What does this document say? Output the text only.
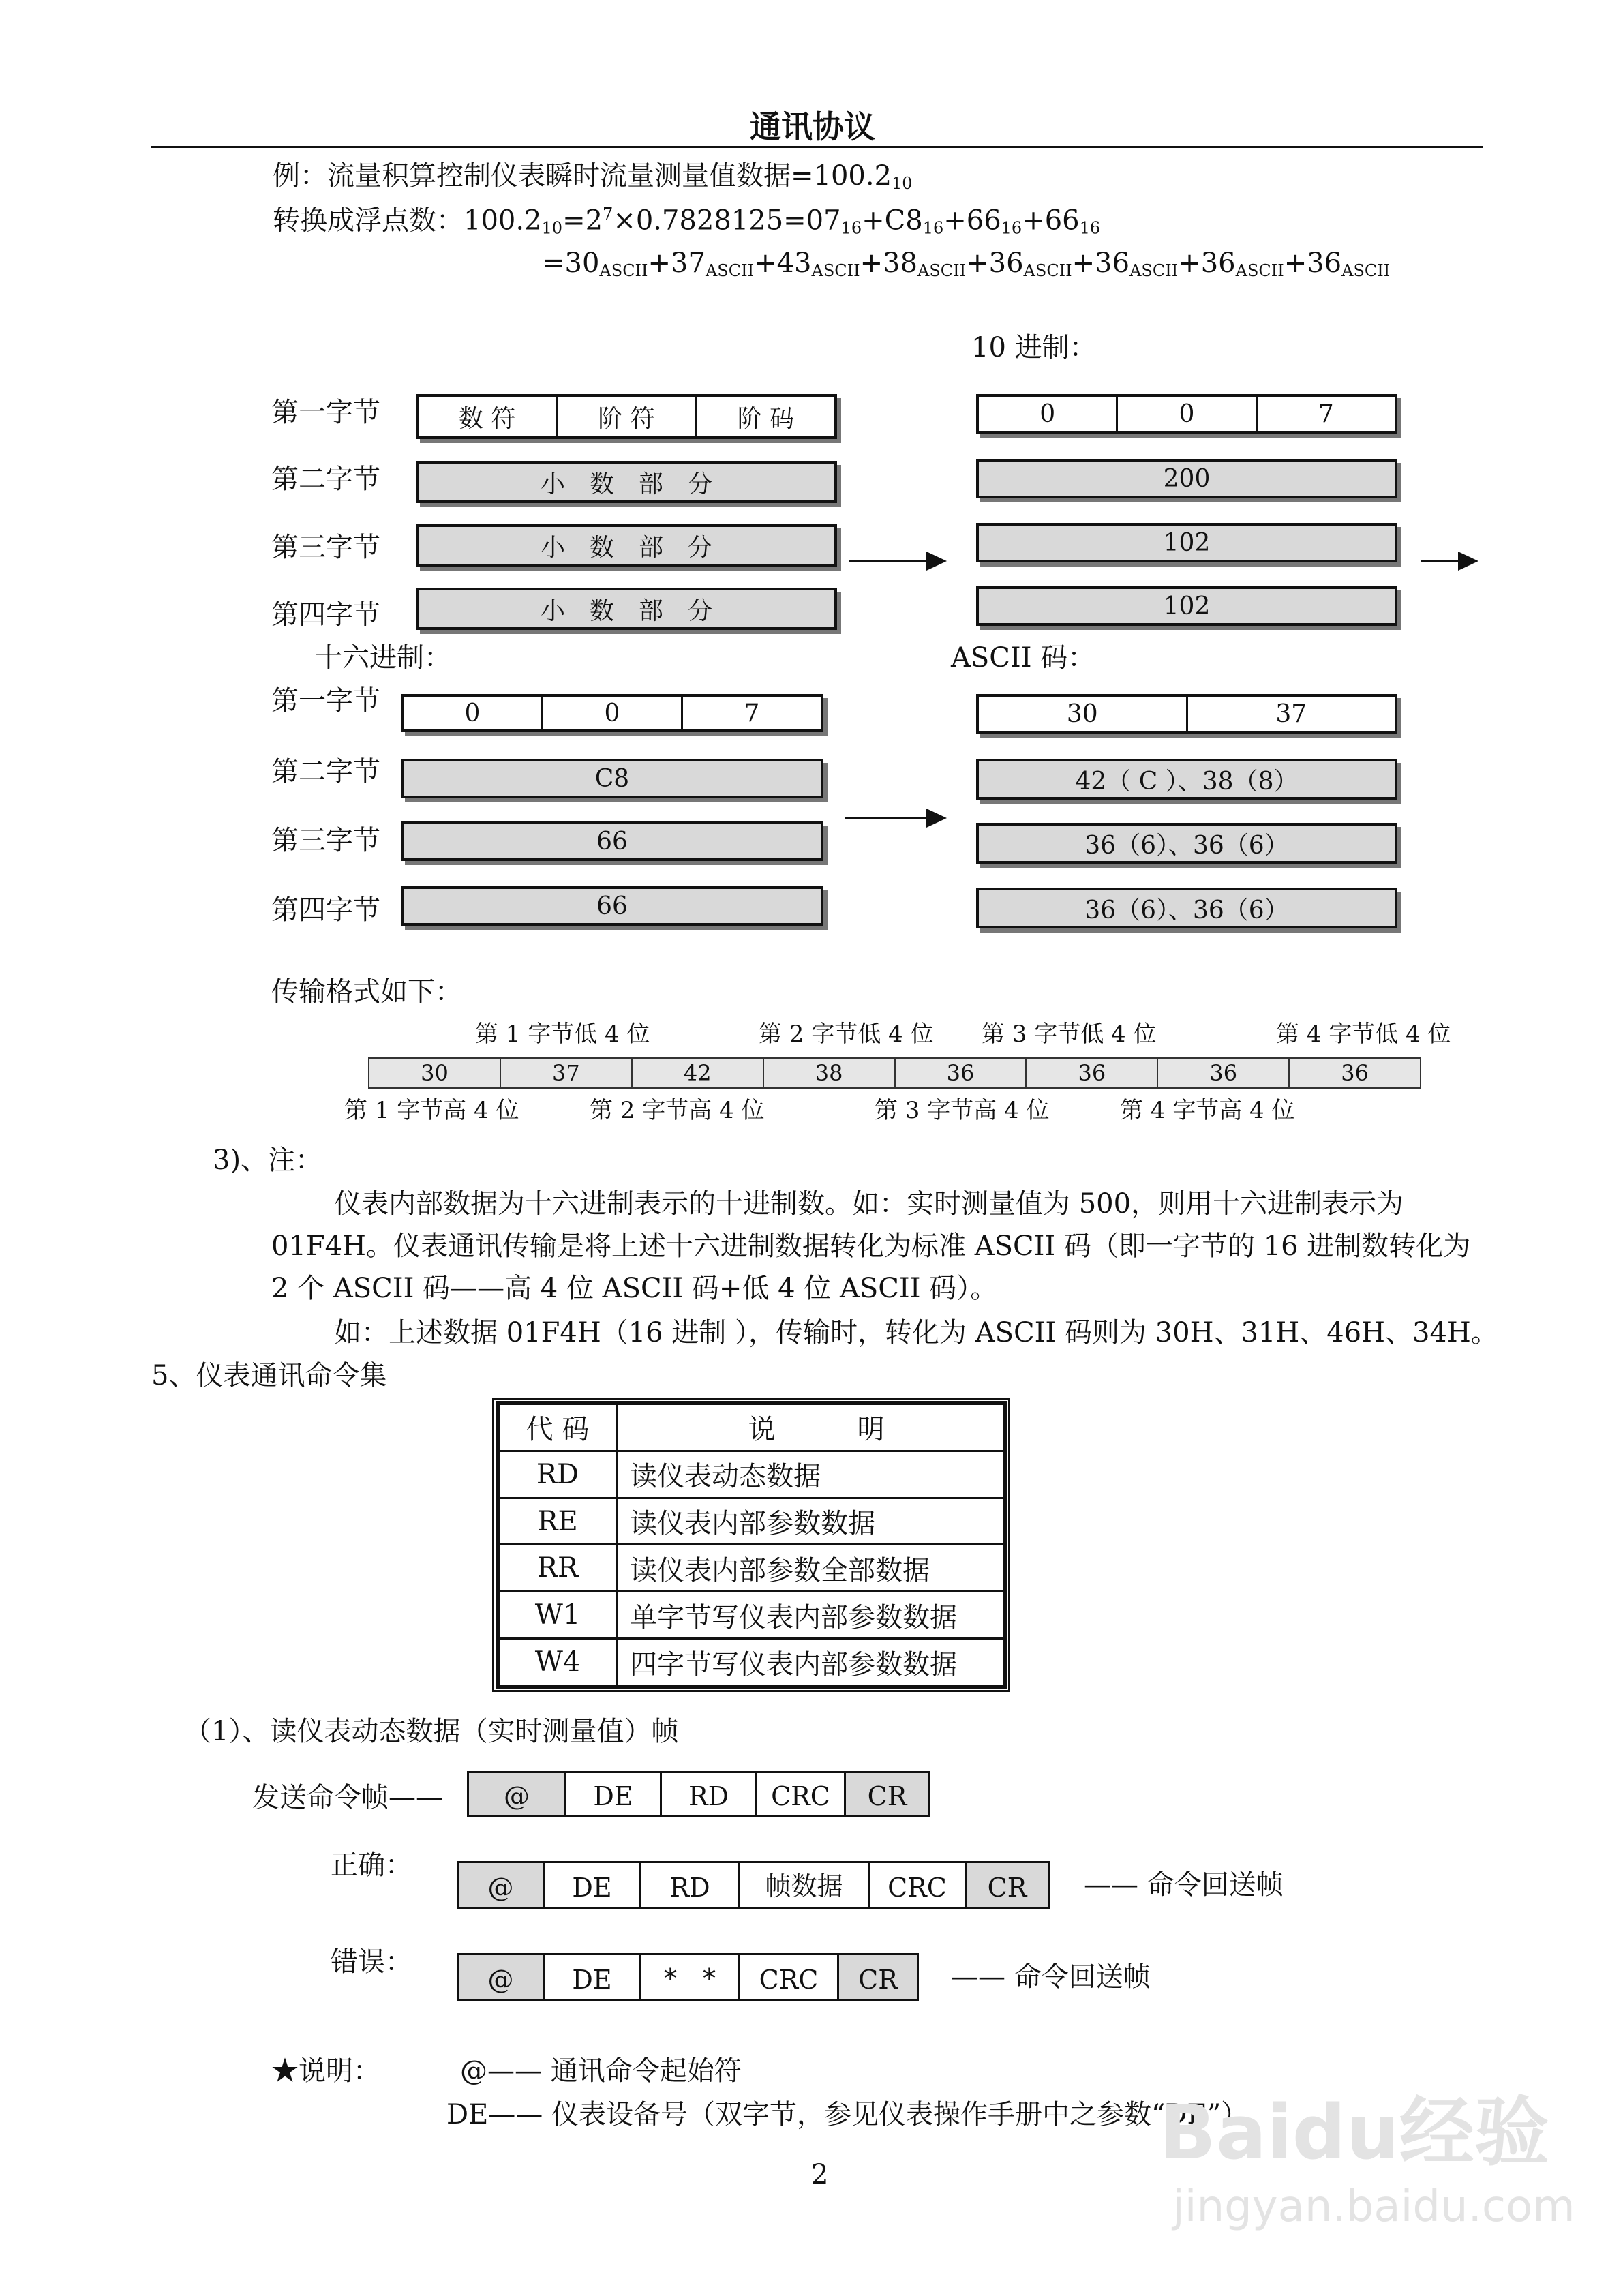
通讯协议
例：流量积算控制仪表瞬时流量测量值数据$=100.2_{10}$
转换成浮点数：$100.2_{10}=2^7\times 0.7828125=07_{16}+C8_{16}+66_{16}+66_{16}$
$=30_{ASCII}+37_{ASCII}+43_{ASCII}+38_{ASCII}+36_{ASCII}+36_{ASCII}+36_{ASCII}+36_{ASCII}$
10 进制：
第一字节
第二字节
第三字节
第四字节
数 符	阶 符	阶 码
小　数　部　分
小　数　部　分
小　数　部　分
0	0	7
200
102
102
十六进制：	ASCII 码：
第一字节
第二字节
第三字节
第四字节
0	0	7
C8
66
66
30	37
42（ C ）、38（8）
36（6）、36（6）
36（6）、36（6）
传输格式如下：
第 1 字节低 4 位	第 2 字节低 4 位 第 3 字节低 4 位	第 4 字节低 4 位
30	37	42	38	36	36	36	36
第 1 字节高 4 位	第 2 字节高 4 位	第 3 字节高 4 位	第 4 字节高 4 位
3)、注：
仪表内部数据为十六进制表示的十进制数。如：实时测量值为 500，则用十六进制表示为
01F4H。仪表通讯传输是将上述十六进制数据转化为标准 ASCII 码（即一字节的 16 进制数转化为
2 个 ASCII 码——高 4 位 ASCII 码+低 4 位 ASCII 码）。
如：上述数据 01F4H（16 进制 ），传输时，转化为 ASCII 码则为 30H、31H、46H、34H。
5、仪表通讯命令集
代 码	说　　　明
RD	读仪表动态数据
RE	读仪表内部参数数据
RR	读仪表内部参数全部数据
W1	单字节写仪表内部参数数据
W4	四字节写仪表内部参数数据
（1）、读仪表动态数据（实时测量值）帧
发送命令帧——	@	DE	RD	CRC	CR
正确：
@	DE	RD	帧数据	CRC	CR	—— 命令回送帧
错误：
@	DE	*　*	CRC	CR	—— 命令回送帧
★说明：	@—— 通讯命令起始符
DE—— 仪表设备号（双字节，参见仪表操作手册中之参数“DE”）
2	Baidu经验
jingyan.baidu.com
